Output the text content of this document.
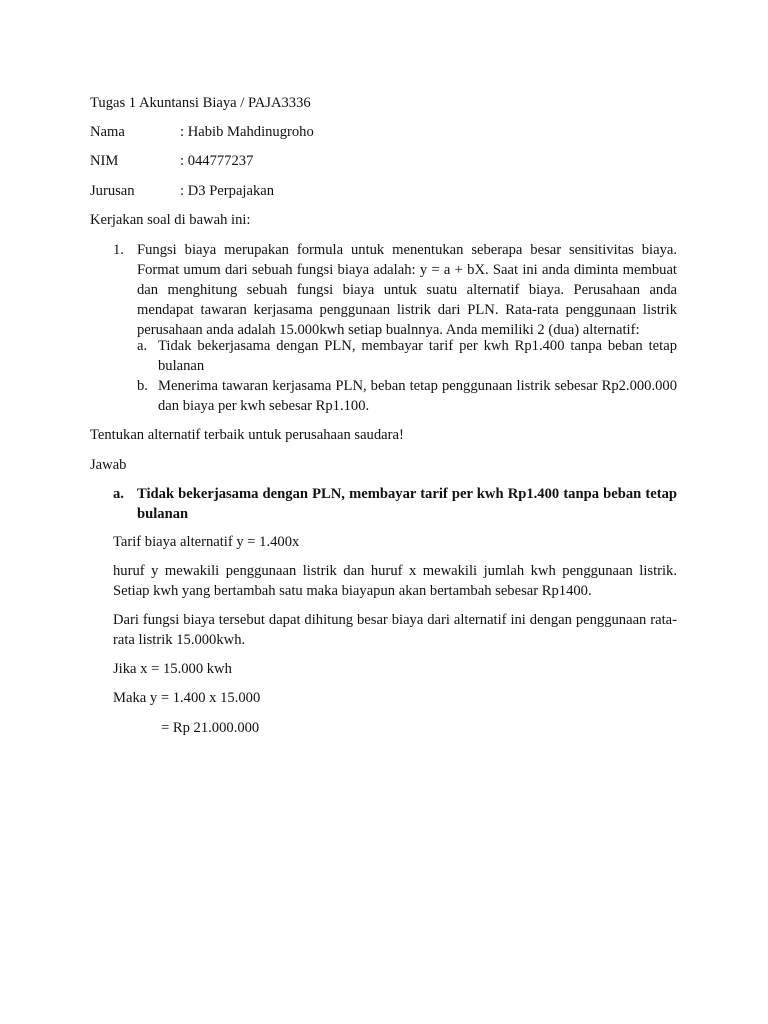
Tugas 1 Akuntansi Biaya / PAJA3336
Nama	: Habib Mahdinugroho
NIM	: 044777237
Jurusan	: D3 Perpajakan
Kerjakan soal di bawah ini:
1. Fungsi biaya merupakan formula untuk menentukan seberapa besar sensitivitas biaya. Format umum dari sebuah fungsi biaya adalah: y = a + bX. Saat ini anda diminta membuat dan menghitung sebuah fungsi biaya untuk suatu alternatif biaya. Perusahaan anda mendapat tawaran kerjasama penggunaan listrik dari PLN. Rata-rata penggunaan listrik perusahaan anda adalah 15.000kwh setiap bualnnya. Anda memiliki 2 (dua) alternatif:
a. Tidak bekerjasama dengan PLN, membayar tarif per kwh Rp1.400 tanpa beban tetap bulanan
b. Menerima tawaran kerjasama PLN, beban tetap penggunaan listrik sebesar Rp2.000.000 dan biaya per kwh sebesar Rp1.100.
Tentukan alternatif terbaik untuk perusahaan saudara!
Jawab
a. Tidak bekerjasama dengan PLN, membayar tarif per kwh Rp1.400 tanpa beban tetap bulanan
Tarif biaya alternatif y = 1.400x
huruf y mewakili penggunaan listrik dan huruf x mewakili jumlah kwh penggunaan listrik. Setiap kwh yang bertambah satu maka biayapun akan bertambah sebesar Rp1400.
Dari fungsi biaya tersebut dapat dihitung besar biaya dari alternatif ini dengan penggunaan rata-rata listrik 15.000kwh.
Jika x = 15.000 kwh
Maka y = 1.400 x 15.000
= Rp 21.000.000
